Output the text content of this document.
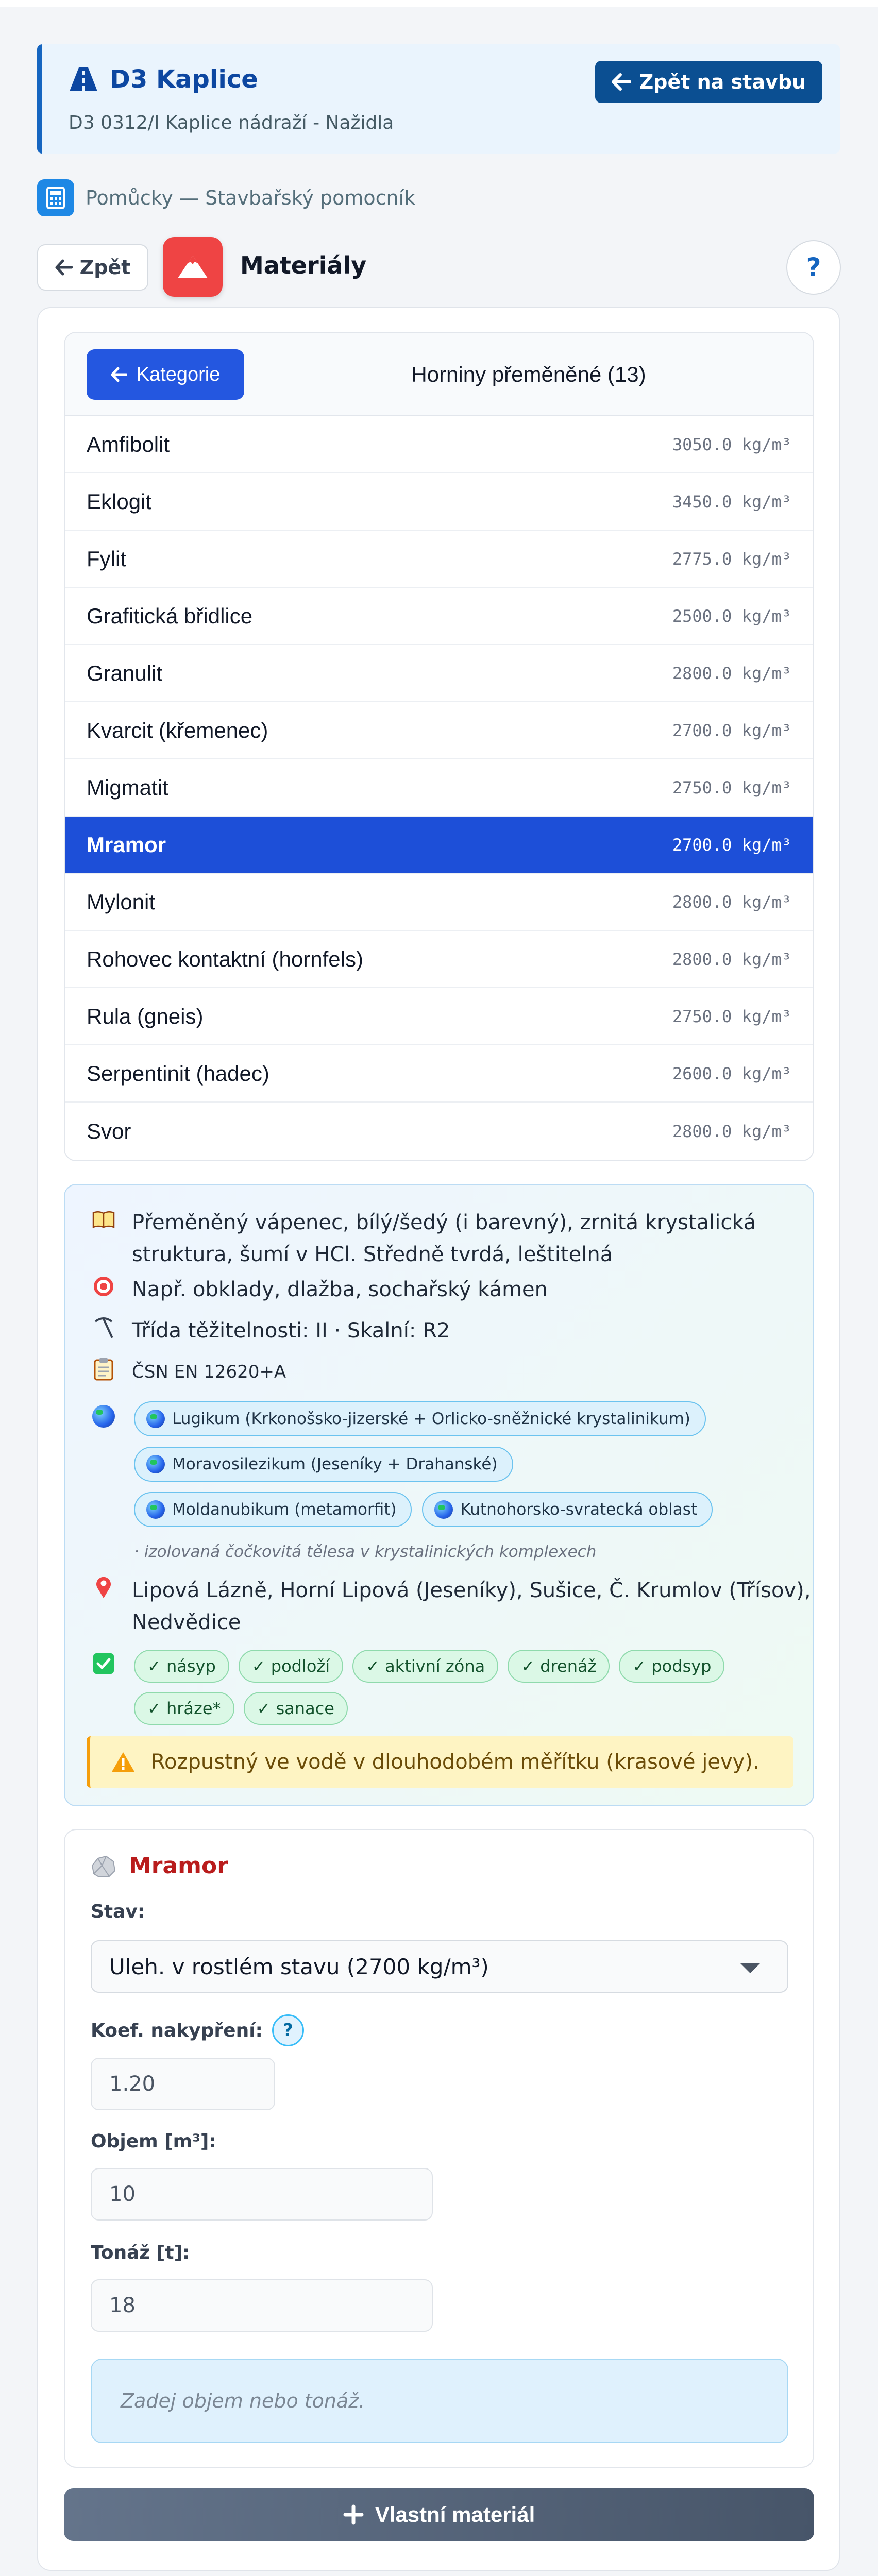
D3 Kaplice
D3 0312/I Kaplice nádraží - Nažidla
Zpět na stavbu
Pomůcky — Stavbařský pomocník
Zpět	Materiály	?
Kategorie	Horniny přeměněné (13)
Amfibolit	3050.0 kg/m³
Eklogit	3450.0 kg/m³
Fylit	2775.0 kg/m³
Grafitická břidlice	2500.0 kg/m³
Granulit	2800.0 kg/m³
Kvarcit (křemenec)	2700.0 kg/m³
Migmatit	2750.0 kg/m³
Mramor	2700.0 kg/m³
Mylonit	2800.0 kg/m³
Rohovec kontaktní (hornfels)	2800.0 kg/m³
Rula (gneis)	2750.0 kg/m³
Serpentinit (hadec)	2600.0 kg/m³
Svor	2800.0 kg/m³
Přeměněný vápenec, bílý/šedý (i barevný), zrnitá krystalická
struktura, šumí v HCl. Středně tvrdá, leštitelná
Např. obklady, dlažba, sochařský kámen
Třída těžitelnosti: II · Skalní: R2
ČSN EN 12620+A
Lugikum (Krkonošsko-jizerské + Orlicko-sněžnické krystalinikum)
Moravosilezikum (Jeseníky + Drahanské)
Moldanubikum (metamorfit)	Kutnohorsko-svratecká oblast
· izolovaná čočkovitá tělesa v krystalinických komplexech
Lipová Lázně, Horní Lipová (Jeseníky), Sušice, Č. Krumlov (Třísov),
Nedvědice
✓ násyp	✓ podloží	✓ aktivní zóna	✓ drenáž	✓ podsyp
✓ hráze*	✓ sanace
Rozpustný ve vodě v dlouhodobém měřítku (krasové jevy).
Mramor
Stav:
Uleh. v rostlém stavu (2700 kg/m³)
Koef. nakypření:	?
1.20
Objem [m³]:
10
Tonáž [t]:
18
Zadej objem nebo tonáž.
Vlastní materiál
